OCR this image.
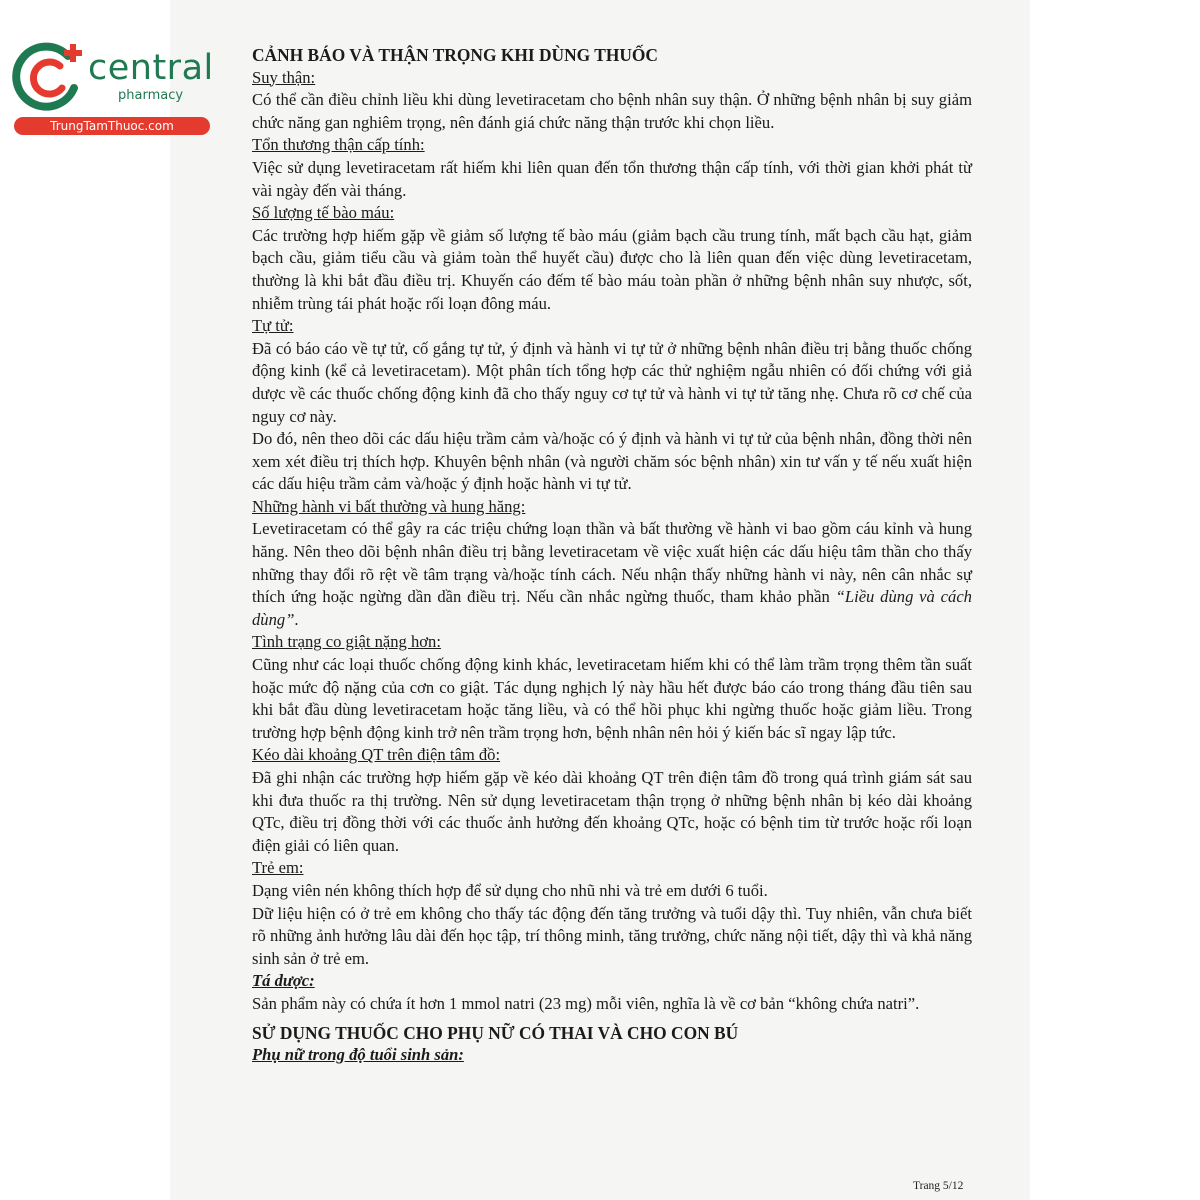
central
pharmacy
TrungTamThuoc.com

CẢNH BÁO VÀ THẬN TRỌNG KHI DÙNG THUỐC

Suy thận:

Có thể cần điều chỉnh liều khi dùng levetiracetam cho bệnh nhân suy thận. Ở những bệnh nhân bị suy giảm chức năng gan nghiêm trọng, nên đánh giá chức năng thận trước khi chọn liều.

Tổn thương thận cấp tính:

Việc sử dụng levetiracetam rất hiếm khi liên quan đến tổn thương thận cấp tính, với thời gian khởi phát từ vài ngày đến vài tháng.

Số lượng tế bào máu:

Các trường hợp hiếm gặp về giảm số lượng tế bào máu (giảm bạch cầu trung tính, mất bạch cầu hạt, giảm bạch cầu, giảm tiểu cầu và giảm toàn thể huyết cầu) được cho là liên quan đến việc dùng levetiracetam, thường là khi bắt đầu điều trị. Khuyến cáo đếm tế bào máu toàn phần ở những bệnh nhân suy nhược, sốt, nhiễm trùng tái phát hoặc rối loạn đông máu.

Tự tử:

Đã có báo cáo về tự tử, cố gắng tự tử, ý định và hành vi tự tử ở những bệnh nhân điều trị bằng thuốc chống động kinh (kể cả levetiracetam). Một phân tích tổng hợp các thử nghiệm ngẫu nhiên có đối chứng với giả dược về các thuốc chống động kinh đã cho thấy nguy cơ tự tử và hành vi tự tử tăng nhẹ. Chưa rõ cơ chế của nguy cơ này.

Do đó, nên theo dõi các dấu hiệu trầm cảm và/hoặc có ý định và hành vi tự tử của bệnh nhân, đồng thời nên xem xét điều trị thích hợp. Khuyên bệnh nhân (và người chăm sóc bệnh nhân) xin tư vấn y tế nếu xuất hiện các dấu hiệu trầm cảm và/hoặc ý định hoặc hành vi tự tử.

Những hành vi bất thường và hung hăng:

Levetiracetam có thể gây ra các triệu chứng loạn thần và bất thường về hành vi bao gồm cáu kỉnh và hung hăng. Nên theo dõi bệnh nhân điều trị bằng levetiracetam về việc xuất hiện các dấu hiệu tâm thần cho thấy những thay đổi rõ rệt về tâm trạng và/hoặc tính cách. Nếu nhận thấy những hành vi này, nên cân nhắc sự thích ứng hoặc ngừng dần dần điều trị. Nếu cần nhắc ngừng thuốc, tham khảo phần “Liều dùng và cách dùng”.

Tình trạng co giật nặng hơn:

Cũng như các loại thuốc chống động kinh khác, levetiracetam hiếm khi có thể làm trầm trọng thêm tần suất hoặc mức độ nặng của cơn co giật. Tác dụng nghịch lý này hầu hết được báo cáo trong tháng đầu tiên sau khi bắt đầu dùng levetiracetam hoặc tăng liều, và có thể hồi phục khi ngừng thuốc hoặc giảm liều. Trong trường hợp bệnh động kinh trở nên trầm trọng hơn, bệnh nhân nên hỏi ý kiến bác sĩ ngay lập tức.

Kéo dài khoảng QT trên điện tâm đồ:

Đã ghi nhận các trường hợp hiếm gặp về kéo dài khoảng QT trên điện tâm đồ trong quá trình giám sát sau khi đưa thuốc ra thị trường. Nên sử dụng levetiracetam thận trọng ở những bệnh nhân bị kéo dài khoảng QTc, điều trị đồng thời với các thuốc ảnh hưởng đến khoảng QTc, hoặc có bệnh tim từ trước hoặc rối loạn điện giải có liên quan.

Trẻ em:

Dạng viên nén không thích hợp để sử dụng cho nhũ nhi và trẻ em dưới 6 tuổi.

Dữ liệu hiện có ở trẻ em không cho thấy tác động đến tăng trưởng và tuổi dậy thì. Tuy nhiên, vẫn chưa biết rõ những ảnh hưởng lâu dài đến học tập, trí thông minh, tăng trưởng, chức năng nội tiết, dậy thì và khả năng sinh sản ở trẻ em.

Tá dược:

Sản phẩm này có chứa ít hơn 1 mmol natri (23 mg) mỗi viên, nghĩa là về cơ bản “không chứa natri”.

SỬ DỤNG THUỐC CHO PHỤ NỮ CÓ THAI VÀ CHO CON BÚ

Phụ nữ trong độ tuổi sinh sản:

Trang 5/12
